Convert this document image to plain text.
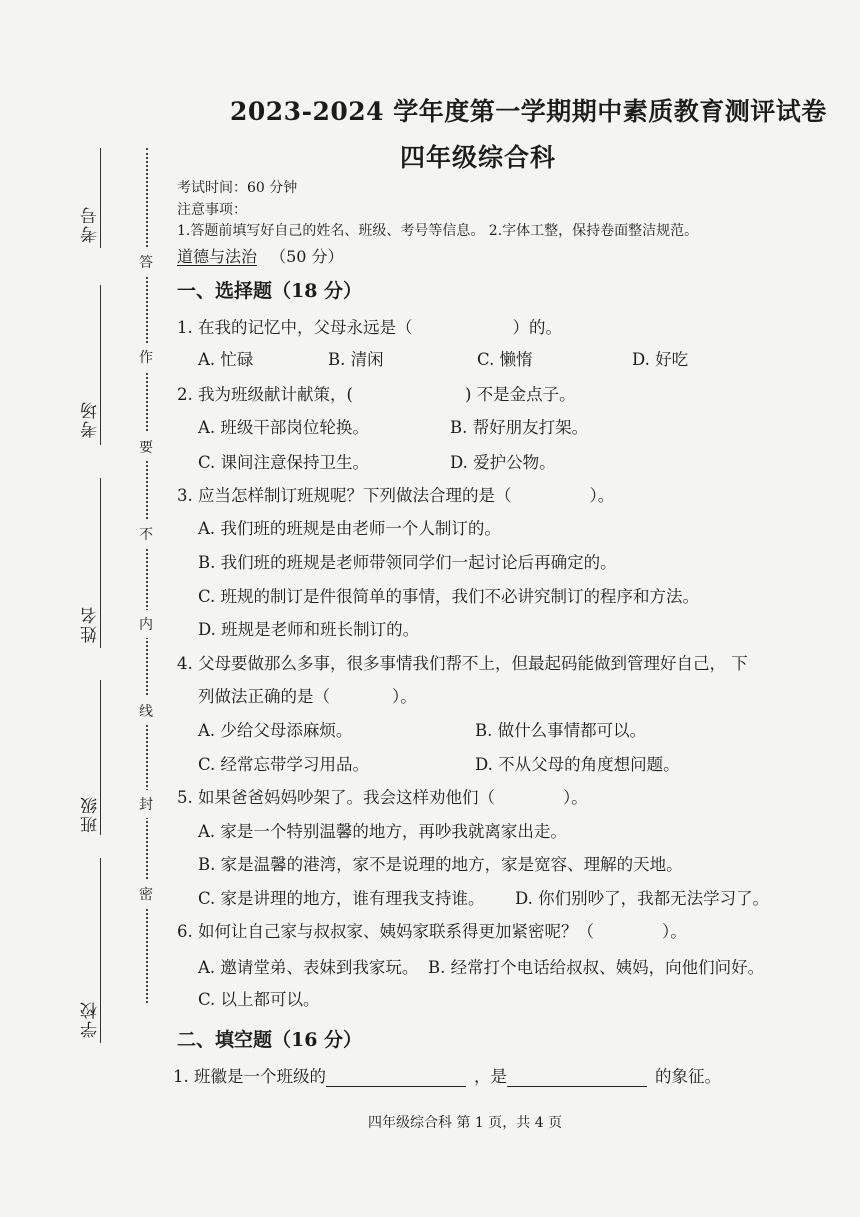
考号
考场
姓名
班级
学校
答
作
要
不
内
线
封
密
2023-2024 学年度第一学期期中素质教育测评试卷
四年级综合科
考试时间：60 分钟
注意事项：
1.答题前填写好自己的姓名、班级、考号等信息。 2.字体工整，保持卷面整洁规范。
道德与法治 （50 分）
一、选择题（18 分）
1. 在我的记忆中，父母永远是（	）的。
A. 忙碌	B. 清闲	C. 懒惰	D. 好吃
2. 我为班级献计献策，(	) 不是金点子。
A. 班级干部岗位轮换。	B. 帮好朋友打架。
C. 课间注意保持卫生。	D. 爱护公物。
3. 应当怎样制订班规呢？下列做法合理的是（	）。
A. 我们班的班规是由老师一个人制订的。
B. 我们班的班规是老师带领同学们一起讨论后再确定的。
C. 班规的制订是件很简单的事情，我们不必讲究制订的程序和方法。
D. 班规是老师和班长制订的。
4. 父母要做那么多事，很多事情我们帮不上，但最起码能做到管理好自己， 下
列做法正确的是（	）。
A. 少给父母添麻烦。	B. 做什么事情都可以。
C. 经常忘带学习用品。	D. 不从父母的角度想问题。
5. 如果爸爸妈妈吵架了。我会这样劝他们（	）。
A. 家是一个特别温馨的地方，再吵我就离家出走。
B. 家是温馨的港湾，家不是说理的地方，家是宽容、理解的天地。
C. 家是讲理的地方，谁有理我支持谁。 D. 你们别吵了，我都无法学习了。
6. 如何让自己家与叔叔家、姨妈家联系得更加紧密呢？（	）。
A. 邀请堂弟、表妹到我家玩。 B. 经常打个电话给叔叔、姨妈，向他们问好。
C. 以上都可以。
二、填空题（16 分）
1. 班徽是一个班级的	，是	的象征。
四年级综合科 第 1 页，共 4 页
